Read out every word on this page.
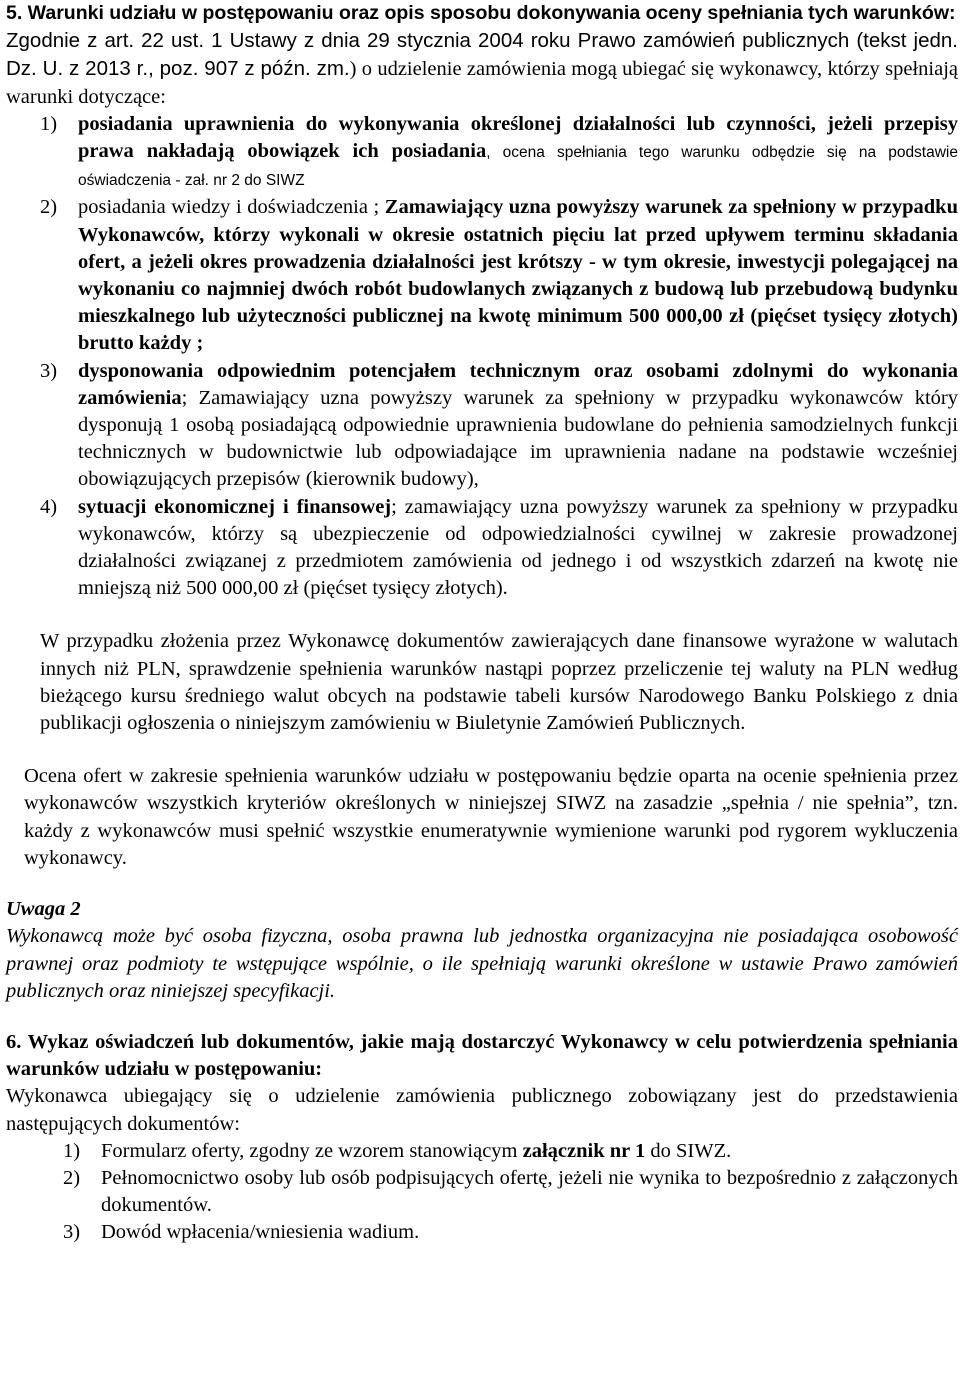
5. Warunki udziału w postępowaniu oraz opis sposobu dokonywania oceny spełniania tych warunków:

Zgodnie z art. 22 ust. 1 Ustawy z dnia 29 stycznia 2004 roku Prawo zamówień publicznych (tekst jedn. Dz. U. z 2013 r., poz. 907 z późn. zm.) o udzielenie zamówienia mogą ubiegać się wykonawcy, którzy spełniają warunki dotyczące:

1) posiadania uprawnienia do wykonywania określonej działalności lub czynności, jeżeli przepisy prawa nakładają obowiązek ich posiadania, ocena spełniania tego warunku odbędzie się na podstawie oświadczenia - zał. nr 2 do SIWZ
2) posiadania wiedzy i doświadczenia ; Zamawiający uzna powyższy warunek za spełniony w przypadku Wykonawców, którzy wykonali w okresie ostatnich pięciu lat przed upływem terminu składania ofert, a jeżeli okres prowadzenia działalności jest krótszy - w tym okresie, inwestycji polegającej na wykonaniu co najmniej dwóch robót budowlanych związanych z budową lub przebudową budynku mieszkalnego lub użyteczności publicznej na kwotę minimum 500 000,00 zł (pięćset tysięcy złotych) brutto każdy ;
3) dysponowania odpowiednim potencjałem technicznym oraz osobami zdolnymi do wykonania zamówienia; Zamawiający uzna powyższy warunek za spełniony w przypadku wykonawców który dysponują 1 osobą posiadającą odpowiednie uprawnienia budowlane do pełnienia samodzielnych funkcji technicznych w budownictwie lub odpowiadające im uprawnienia nadane na podstawie wcześniej obowiązujących przepisów (kierownik budowy),
4) sytuacji ekonomicznej i finansowej; zamawiający uzna powyższy warunek za spełniony w przypadku wykonawców, którzy są ubezpieczenie od odpowiedzialności cywilnej w zakresie prowadzonej działalności związanej z przedmiotem zamówienia od jednego i od wszystkich zdarzeń na kwotę nie mniejszą niż 500 000,00 zł (pięćset tysięcy złotych).

W przypadku złożenia przez Wykonawcę dokumentów zawierających dane finansowe wyrażone w walutach innych niż PLN, sprawdzenie spełnienia warunków nastąpi poprzez przeliczenie tej waluty na PLN według bieżącego kursu średniego walut obcych na podstawie tabeli kursów Narodowego Banku Polskiego z dnia publikacji ogłoszenia o niniejszym zamówieniu w Biuletynie Zamówień Publicznych.

Ocena ofert w zakresie spełnienia warunków udziału w postępowaniu będzie oparta na ocenie spełnienia przez wykonawców wszystkich kryteriów określonych w niniejszej SIWZ na zasadzie „spełnia / nie spełnia”, tzn. każdy z wykonawców musi spełnić wszystkie enumeratywnie wymienione warunki pod rygorem wykluczenia wykonawcy.

Uwaga 2

Wykonawcą może być osoba fizyczna, osoba prawna lub jednostka organizacyjna nie posiadająca osobowość prawnej oraz podmioty te wstępujące wspólnie, o ile spełniają warunki określone w ustawie Prawo zamówień publicznych oraz niniejszej specyfikacji.

6. Wykaz oświadczeń lub dokumentów, jakie mają dostarczyć Wykonawcy w celu potwierdzenia spełniania warunków udziału w postępowaniu:

Wykonawca ubiegający się o udzielenie zamówienia publicznego zobowiązany jest do przedstawienia następujących dokumentów:

1) Formularz oferty, zgodny ze wzorem stanowiącym załącznik nr 1 do SIWZ.
2) Pełnomocnictwo osoby lub osób podpisujących ofertę, jeżeli nie wynika to bezpośrednio z załączonych dokumentów.
3) Dowód wpłacenia/wniesienia wadium.
